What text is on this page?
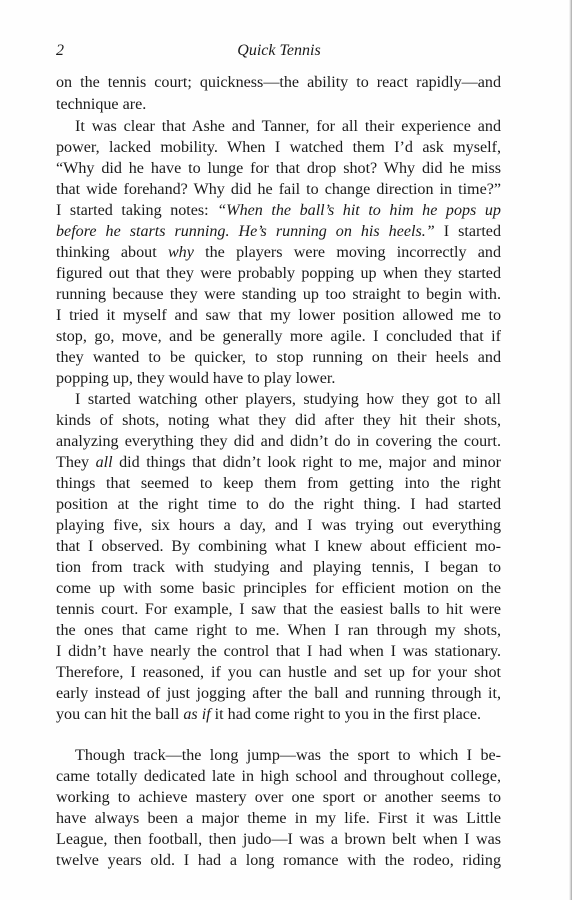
2	Quick Tennis
on the tennis court; quickness—the ability to react rapidly—and
technique are.
It was clear that Ashe and Tanner, for all their experience and
power, lacked mobility. When I watched them I’d ask myself,
“Why did he have to lunge for that drop shot? Why did he miss
that wide forehand? Why did he fail to change direction in time?”
I started taking notes: “When the ball’s hit to him he pops up
before he starts running. He’s running on his heels.” I started
thinking about why the players were moving incorrectly and
figured out that they were probably popping up when they started
running because they were standing up too straight to begin with.
I tried it myself and saw that my lower position allowed me to
stop, go, move, and be generally more agile. I concluded that if
they wanted to be quicker, to stop running on their heels and
popping up, they would have to play lower.
I started watching other players, studying how they got to all
kinds of shots, noting what they did after they hit their shots,
analyzing everything they did and didn’t do in covering the court.
They all did things that didn’t look right to me, major and minor
things that seemed to keep them from getting into the right
position at the right time to do the right thing. I had started
playing five, six hours a day, and I was trying out everything
that I observed. By combining what I knew about efficient mo-
tion from track with studying and playing tennis, I began to
come up with some basic principles for efficient motion on the
tennis court. For example, I saw that the easiest balls to hit were
the ones that came right to me. When I ran through my shots,
I didn’t have nearly the control that I had when I was stationary.
Therefore, I reasoned, if you can hustle and set up for your shot
early instead of just jogging after the ball and running through it,
you can hit the ball as if it had come right to you in the first place.
Though track—the long jump—was the sport to which I be-
came totally dedicated late in high school and throughout college,
working to achieve mastery over one sport or another seems to
have always been a major theme in my life. First it was Little
League, then football, then judo—I was a brown belt when I was
twelve years old. I had a long romance with the rodeo, riding
